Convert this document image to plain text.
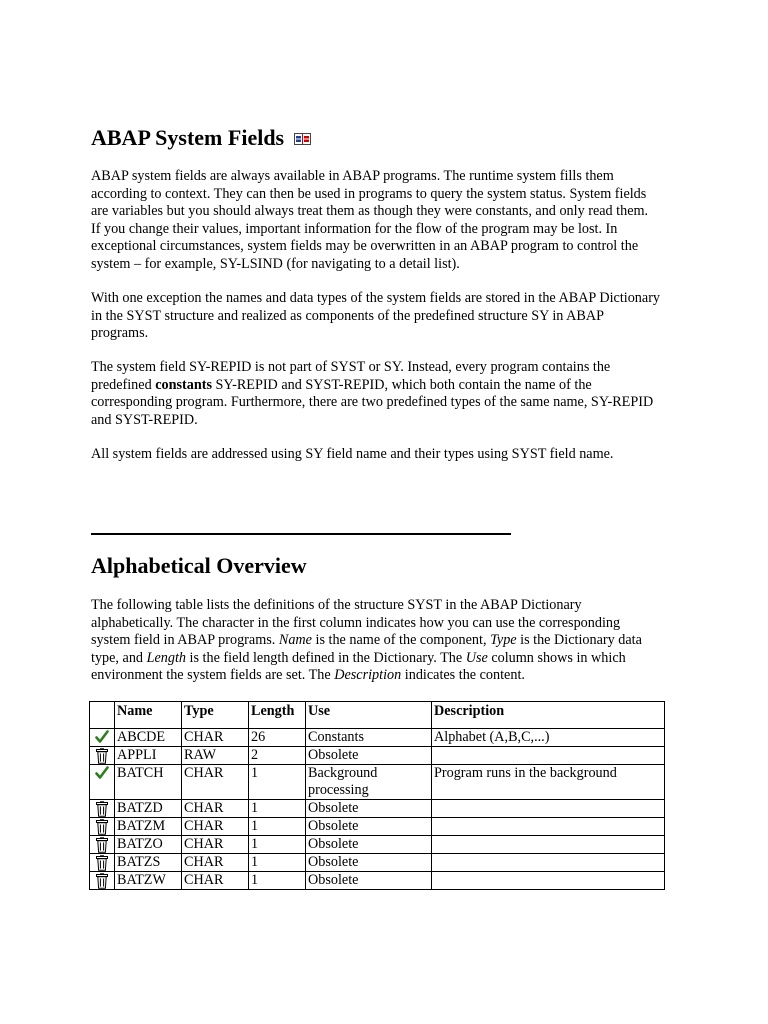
ABAP System Fields

ABAP system fields are always available in ABAP programs. The runtime system fills them according to context. They can then be used in programs to query the system status. System fields are variables but you should always treat them as though they were constants, and only read them. If you change their values, important information for the flow of the program may be lost. In exceptional circumstances, system fields may be overwritten in an ABAP program to control the system – for example, SY-LSIND (for navigating to a detail list).

With one exception the names and data types of the system fields are stored in the ABAP Dictionary in the SYST structure and realized as components of the predefined structure SY in ABAP programs.

The system field SY-REPID is not part of SYST or SY. Instead, every program contains the predefined constants SY-REPID and SYST-REPID, which both contain the name of the corresponding program. Furthermore, there are two predefined types of the same name, SY-REPID and SYST-REPID.

All system fields are addressed using SY field name and their types using SYST field name.

Alphabetical Overview

The following table lists the definitions of the structure SYST in the ABAP Dictionary alphabetically. The character in the first column indicates how you can use the corresponding system field in ABAP programs. Name is the name of the component, Type is the Dictionary data type, and Length is the field length defined in the Dictionary. The Use column shows in which environment the system fields are set. The Description indicates the content.

	Name	Type	Length	Use	Description

	ABCDE	CHAR	26	Constants	Alphabet (A,B,C,...)

	APPLI	RAW	2	Obsolete	

	BATCH	CHAR	1	Background processing	Program runs in the background

	BATZD	CHAR	1	Obsolete	

	BATZM	CHAR	1	Obsolete	

	BATZO	CHAR	1	Obsolete	

	BATZS	CHAR	1	Obsolete	

	BATZW	CHAR	1	Obsolete	
